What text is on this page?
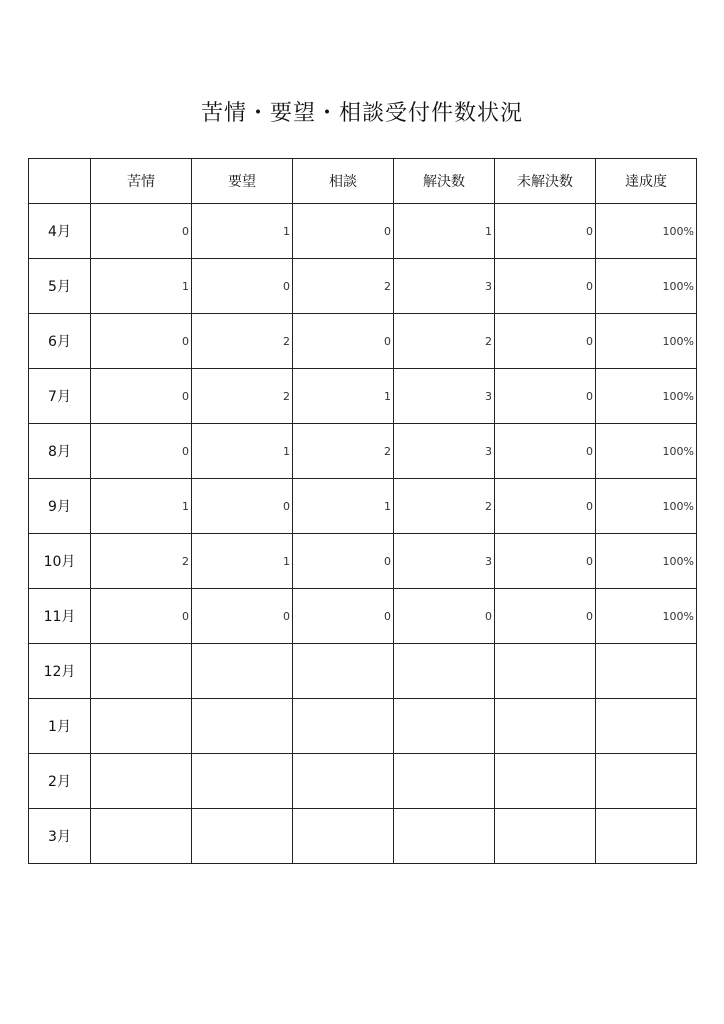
苦情・要望・相談受付件数状況
	苦情	要望	相談	解決数	未解決数	達成度
4月	0	1	0	1	0	100%
5月	1	0	2	3	0	100%
6月	0	2	0	2	0	100%
7月	0	2	1	3	0	100%
8月	0	1	2	3	0	100%
9月	1	0	1	2	0	100%
10月	2	1	0	3	0	100%
11月	0	0	0	0	0	100%
12月						
1月						
2月						
3月						
